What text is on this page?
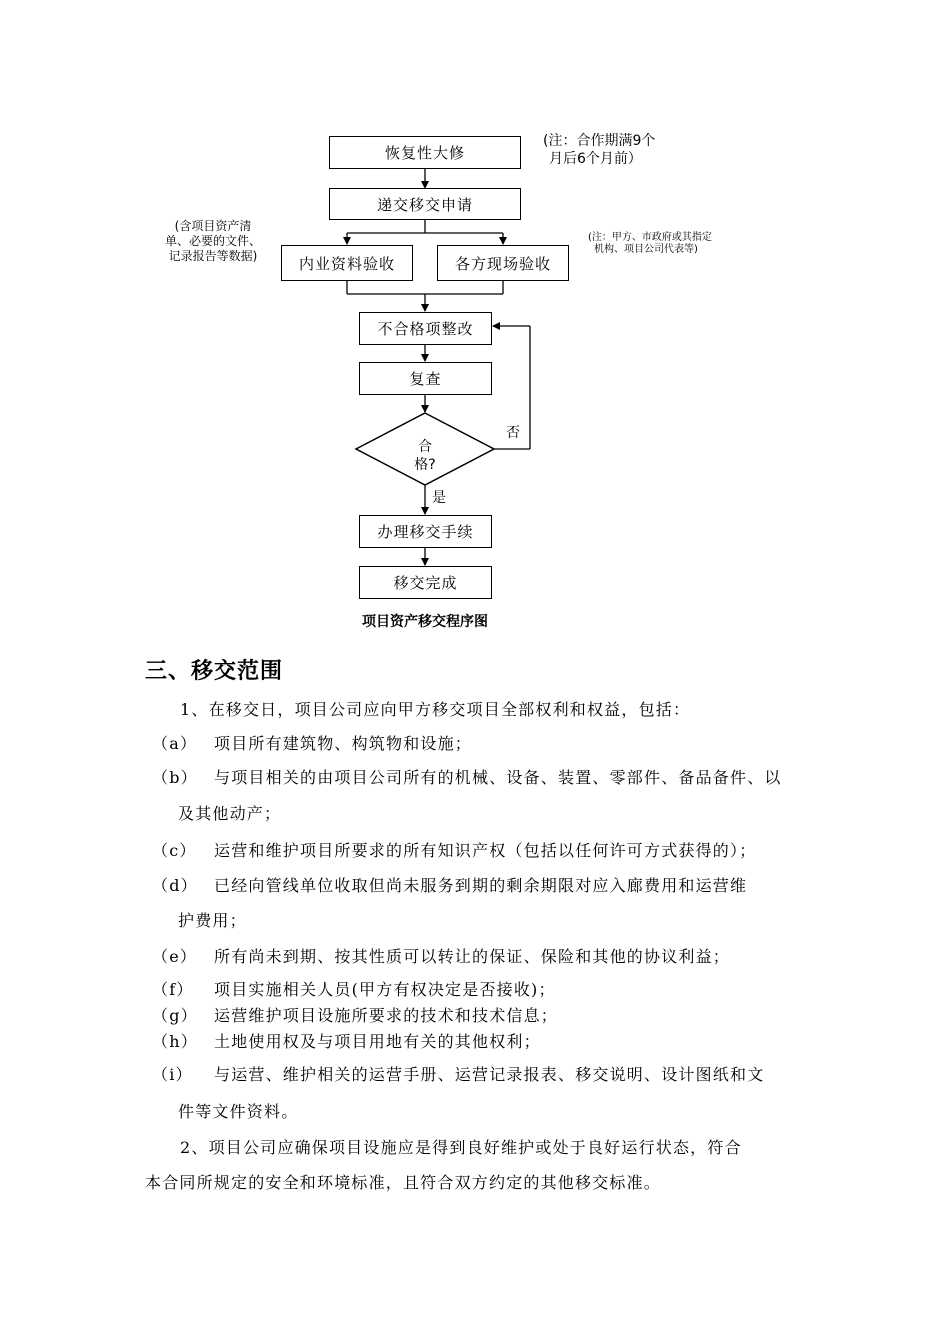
恢复性大修
递交移交申请
内业资料验收	各方现场验收
不合格项整改
复查
合
格?
否
是
办理移交手续
移交完成
(注：合作期满9个
月后6个月前）
(含项目资产清
单、必要的文件、
记录报告等数据)
(注：甲方、市政府或其指定
机构、项目公司代表等)
项目资产移交程序图
三、移交范围
1、在移交日，项目公司应向甲方移交项目全部权利和权益，包括：
（a） 项目所有建筑物、构筑物和设施；
（b） 与项目相关的由项目公司所有的机械、设备、装置、零部件、备品备件、以
及其他动产；
（c） 运营和维护项目所要求的所有知识产权（包括以任何许可方式获得的）；
（d） 已经向管线单位收取但尚未服务到期的剩余期限对应入廊费用和运营维
护费用；
（e） 所有尚未到期、按其性质可以转让的保证、保险和其他的协议利益；
（f） 项目实施相关人员(甲方有权决定是否接收)；
（g） 运营维护项目设施所要求的技术和技术信息；
（h） 土地使用权及与项目用地有关的其他权利；
（i） 与运营、维护相关的运营手册、运营记录报表、移交说明、设计图纸和文
件等文件资料。
2、项目公司应确保项目设施应是得到良好维护或处于良好运行状态，符合
本合同所规定的安全和环境标准，且符合双方约定的其他移交标准。
